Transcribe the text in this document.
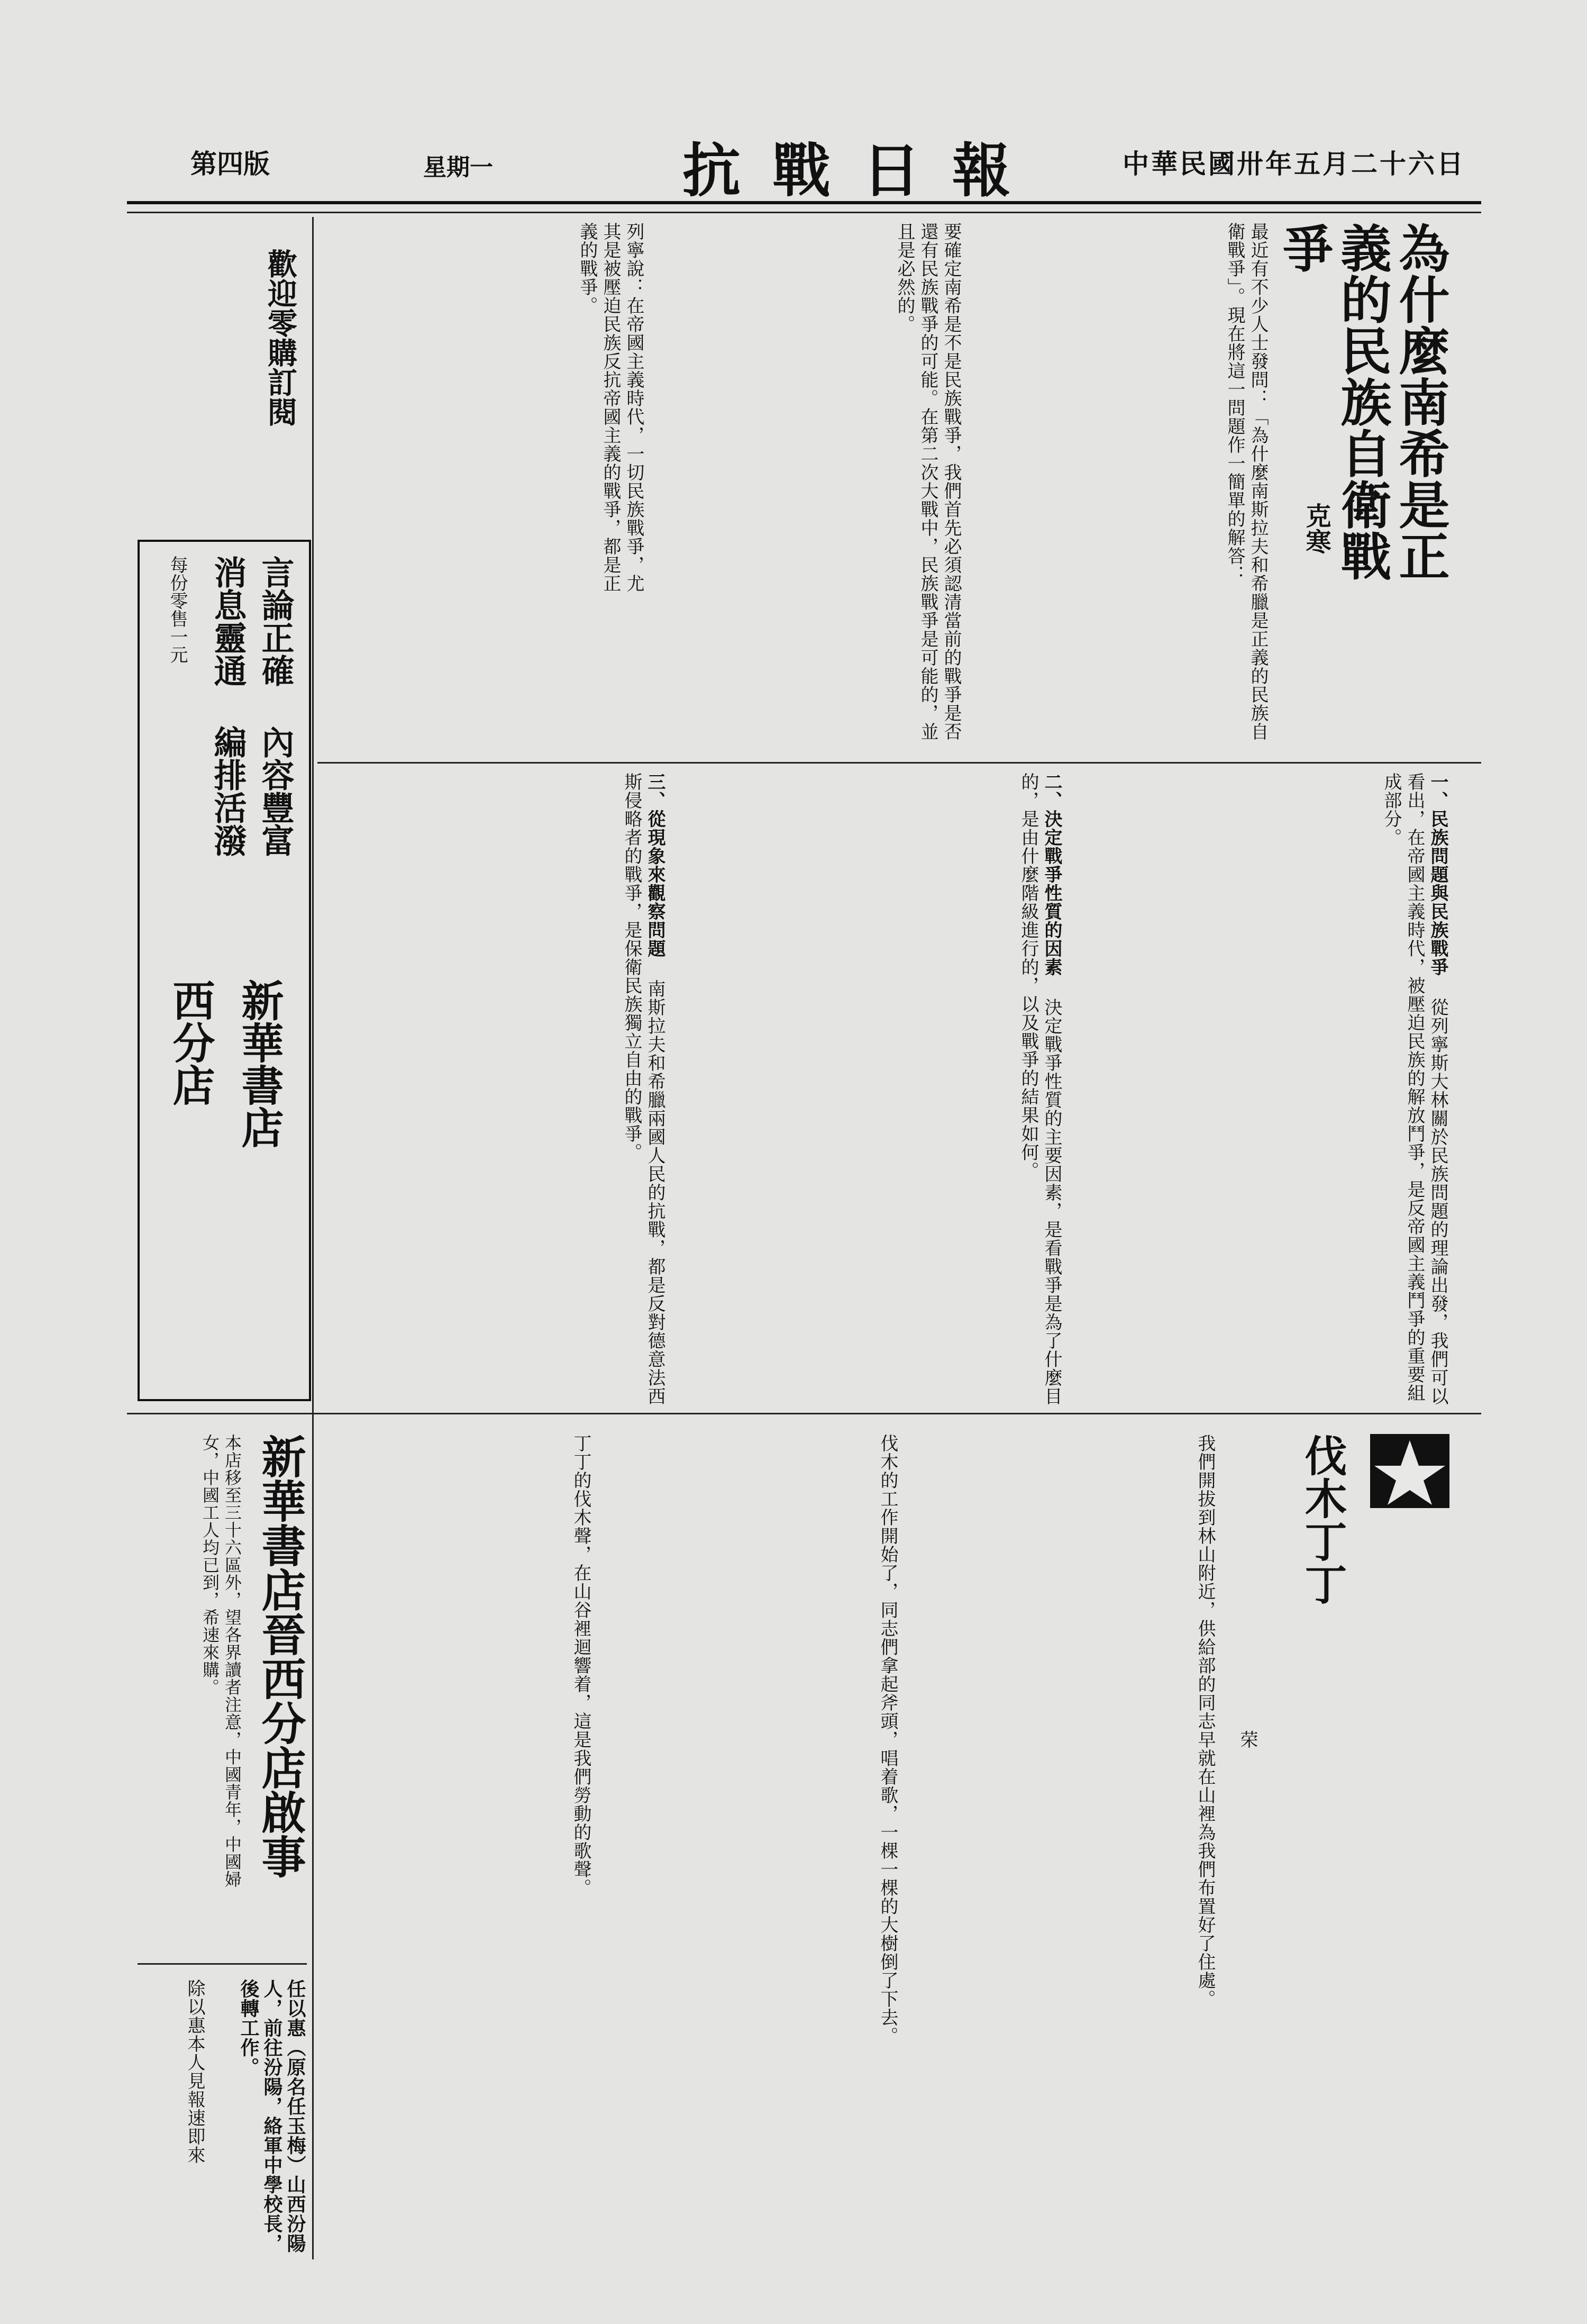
中華民國卅年五月二十六日
抗戰日報
星期一
第四版
為什麼南希是正義的民族自衛戰爭
克寒
最近有不少人士發問：「為什麼南斯拉夫和希臘是正義的民族自衛戰爭」。現在將這一問題作一簡單的解答：
要確定南希是不是民族戰爭，我們首先必須認清當前的戰爭是否還有民族戰爭的可能。在第二次大戰中，民族戰爭是可能的，並且是必然的。
列寧說：在帝國主義時代，一切民族戰爭，尤其是被壓迫民族反抗帝國主義的戰爭，都是正義的戰爭。
一、民族問題與民族戰爭 從列寧斯大林關於民族問題的理論出發，我們可以看出，在帝國主義時代，被壓迫民族的解放鬥爭，是反帝國主義鬥爭的重要組成部分。
二、決定戰爭性質的因素 決定戰爭性質的主要因素，是看戰爭是為了什麼目的，是由什麼階級進行的，以及戰爭的結果如何。
三、從現象來觀察問題 南斯拉夫和希臘兩國人民的抗戰，都是反對德意法西斯侵略者的戰爭，是保衛民族獨立自由的戰爭。
伐木丁丁
荣
我們開拔到林山附近，供給部的同志早就在山裡為我們布置好了住處。
伐木的工作開始了，同志們拿起斧頭，唱着歌，一棵一棵的大樹倒了下去。
丁丁的伐木聲，在山谷裡迴響着，這是我們勞動的歌聲。
歡迎零購訂閱
言論正確 內容豐富
消息靈通 編排活潑
每份零售一元
新華書店
西分店
新華書店晉西分店啟事
本店移至三十六區外，望各界讀者注意，中國青年，中國婦女，中國工人均已到，希速來購。
任以惠（原名任玉梅）山西汾陽人，前往汾陽，絡軍中學校長，後轉工作。
除以惠本人見報速即來
